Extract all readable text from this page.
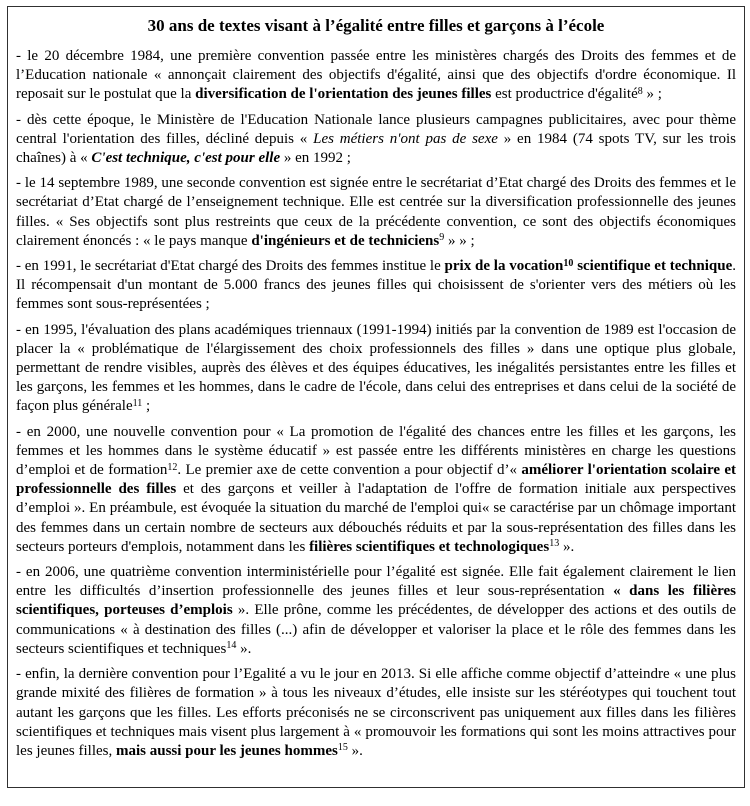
30 ans de textes visant à l’égalité entre filles et garçons à l’école

- le 20 décembre 1984, une première convention passée entre les ministères chargés des Droits des femmes et de l’Education nationale « annonçait clairement des objectifs d'égalité, ainsi que des objectifs d'ordre économique. Il reposait sur le postulat que la diversification de l'orientation des jeunes filles est productrice d'égalité$^8$ » ;

- dès cette époque, le Ministère de l'Education Nationale lance plusieurs campagnes publicitaires, avec pour thème central l'orientation des filles, décliné depuis « Les métiers n'ont pas de sexe » en 1984 (74 spots TV, sur les trois chaînes) à « C'est technique, c'est pour elle » en 1992 ;

- le 14 septembre 1989, une seconde convention est signée entre le secrétariat d’Etat chargé des Droits des femmes et le secrétariat d’Etat chargé de l’enseignement technique. Elle est centrée sur la diversification professionnelle des jeunes filles. « Ses objectifs sont plus restreints que ceux de la précédente convention, ce sont des objectifs économiques clairement énoncés : « le pays manque d'ingénieurs et de techniciens$^9$ » » ;

- en 1991, le secrétariat d'Etat chargé des Droits des femmes institue le prix de la vocation$^{10}$ scientifique et technique. Il récompensait d'un montant de 5.000 francs des jeunes filles qui choisissent de s'orienter vers des métiers où les femmes sont sous-représentées ;

- en 1995, l'évaluation des plans académiques triennaux (1991-1994) initiés par la convention de 1989 est l'occasion de placer la « problématique de l'élargissement des choix professionnels des filles » dans une optique plus globale, permettant de rendre visibles, auprès des élèves et des équipes éducatives, les inégalités persistantes entre les filles et les garçons, les femmes et les hommes, dans le cadre de l'école, dans celui des entreprises et dans celui de la société de façon plus générale$^{11}$ ;

- en 2000, une nouvelle convention pour « La promotion de l'égalité des chances entre les filles et les garçons, les femmes et les hommes dans le système éducatif » est passée entre les différents ministères en charge les questions d’emploi et de formation$^{12}$. Le premier axe de cette convention a pour objectif d’« améliorer l'orientation scolaire et professionnelle des filles et des garçons et veiller à l'adaptation de l'offre de formation initiale aux perspectives d’emploi ». En préambule, est évoquée la situation du marché de l'emploi qui« se caractérise par un chômage important des femmes dans un certain nombre de secteurs aux débouchés réduits et par la sous-représentation des filles dans les secteurs porteurs d'emplois, notamment dans les filières scientifiques et technologiques$^{13}$ ».

- en 2006, une quatrième convention interministérielle pour l’égalité est signée. Elle fait également clairement le lien entre les difficultés d’insertion professionnelle des jeunes filles et leur sous-représentation « dans les filières scientifiques, porteuses d’emplois ». Elle prône, comme les précédentes, de développer des actions et des outils de communications « à destination des filles (...) afin de développer et valoriser la place et le rôle des femmes dans les secteurs scientifiques et techniques$^{14}$ ».

- enfin, la dernière convention pour l’Egalité a vu le jour en 2013. Si elle affiche comme objectif d’atteindre « une plus grande mixité des filières de formation » à tous les niveaux d’études, elle insiste sur les stéréotypes qui touchent tout autant les garçons que les filles. Les efforts préconisés ne se circonscrivent pas uniquement aux filles dans les filières scientifiques et techniques mais visent plus largement à « promouvoir les formations qui sont les moins attractives pour les jeunes filles, mais aussi pour les jeunes hommes$^{15}$ ».
